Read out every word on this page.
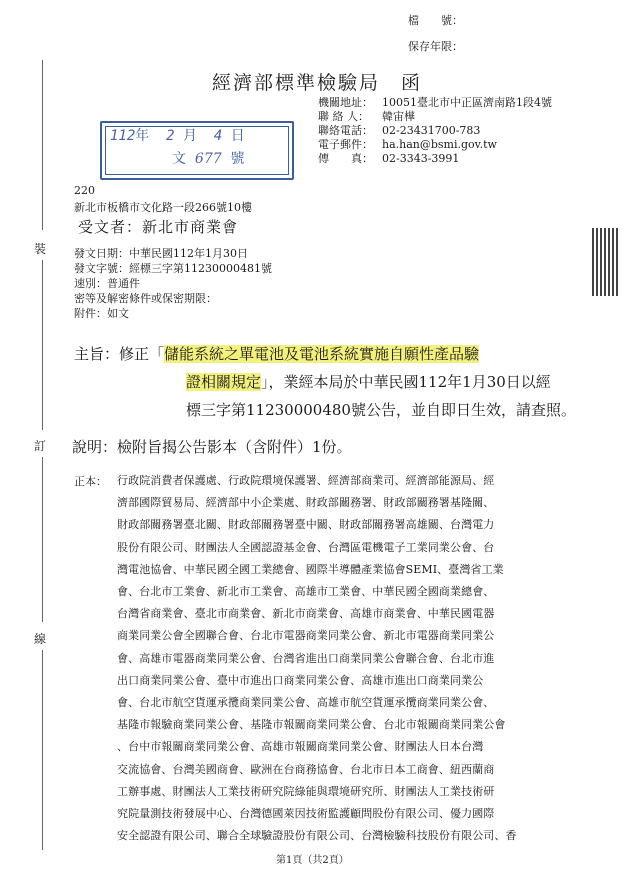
檔　　號：
保存年限：
經濟部標準檢驗局　函
機關地址： 10051臺北市中正區濟南路1段4號
聯 絡 人：	韓宙樺
聯絡電話： 02-23431700-783
電子郵件： ha.han@bsmi.gov.tw
傳　　真： 02-3343-3991
112年 2 月 4 日
文 677 號
220
新北市板橋市文化路一段266號10樓
受文者：新北市商業會
發文日期：中華民國112年1月30日
發文字號：經標三字第11230000481號
速別：普通件
密等及解密條件或保密期限：
附件：如文
主旨：修正「儲能系統之單電池及電池系統實施自願性產品驗
證相關規定」，業經本局於中華民國112年1月30日以經
標三字第11230000480號公告，並自即日生效，請查照。
說明：檢附旨揭公告影本（含附件）1份。
裝
訂
線
正本： 行政院消費者保護處、行政院環境保護署、經濟部商業司、經濟部能源局、經
濟部國際貿易局、經濟部中小企業處、財政部關務署、財政部關務署基隆關、
財政部關務署臺北關、財政部關務署臺中關、財政部關務署高雄關、台灣電力
股份有限公司、財團法人全國認證基金會、台灣區電機電子工業同業公會、台
灣電池協會、中華民國全國工業總會、國際半導體產業協會SEMI、臺灣省工業
會、台北市工業會、新北市工業會、高雄市工業會、中華民國全國商業總會、
台灣省商業會、臺北市商業會、新北市商業會、高雄市商業會、中華民國電器
商業同業公會全國聯合會、台北市電器商業同業公會、新北市電器商業同業公
會、高雄市電器商業同業公會、台灣省進出口商業同業公會聯合會、台北市進
出口商業同業公會、臺中市進出口商業同業公會、高雄市進出口商業同業公
會、台北市航空貨運承攬商業同業公會、高雄市航空貨運承攬商業同業公會、
基隆市報驗商業同業公會、基隆市報關商業同業公會、台北市報關商業同業公會
、台中市報關商業同業公會、高雄市報關商業同業公會、財團法人日本台灣
交流協會、台灣美國商會、歐洲在台商務協會、台北市日本工商會、紐西蘭商
工辦事處、財團法人工業技術研究院綠能與環境研究所、財團法人工業技術研
究院量測技術發展中心、台灣德國萊因技術監護顧問股份有限公司、優力國際
安全認證有限公司、聯合全球驗證股份有限公司、台灣檢驗科技股份有限公司、香
第1頁（共2頁）
